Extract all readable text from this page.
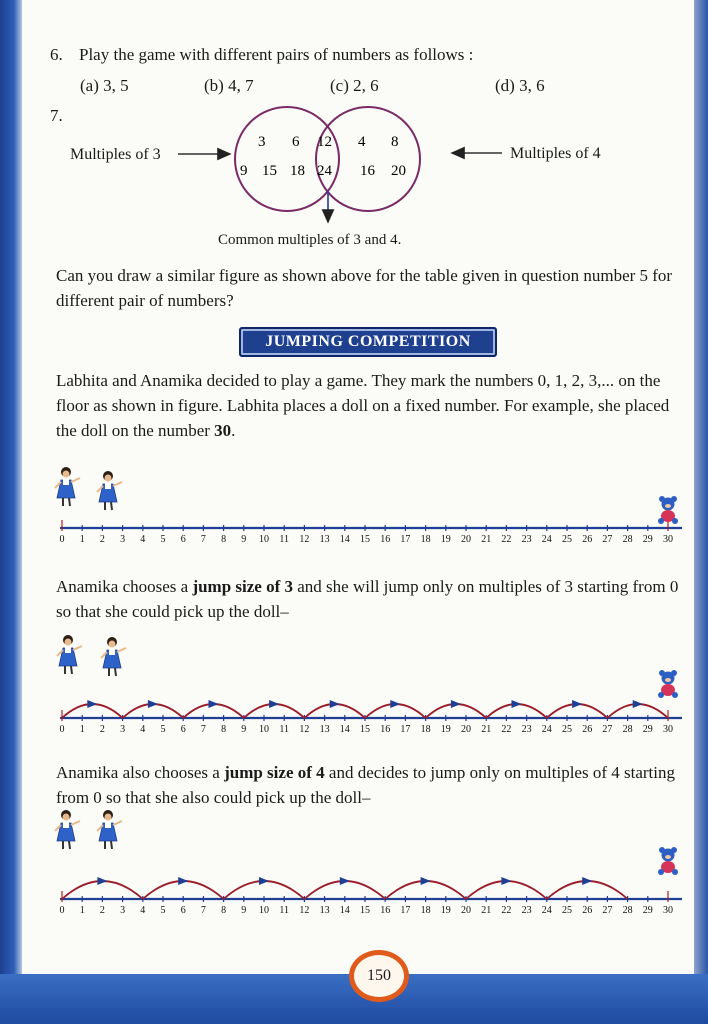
6. Play the game with different pairs of numbers as follows :
(a) 3, 5	(b) 4, 7	(c) 2, 6	(d) 3, 6
7.
Multiples of 3	Multiples of 4
3 6
9 15 18
12
24
4 8
16 20
Common multiples of 3 and 4.
Can you draw a similar figure as shown above for the table given in question number 5 for different pair of numbers?
JUMPING COMPETITION
Labhita and Anamika decided to play a game. They mark the numbers 0, 1, 2, 3,... on the floor as shown in figure. Labhita places a doll on a fixed number. For example, she placed the doll on the number 30.
0 1 2 3 4 5 6 7 8 9 10 11 12 13 14 15 16 17 18 19 20 21 22 23 24 25 26 27 28 29 30
Anamika chooses a jump size of 3 and she will jump only on multiples of 3 starting from 0 so that she could pick up the doll–
0 1 2 3 4 5 6 7 8 9 10 11 12 13 14 15 16 17 18 19 20 21 22 23 24 25 26 27 28 29 30
Anamika also chooses a jump size of 4 and decides to jump only on multiples of 4 starting from 0 so that she also could pick up the doll–
0 1 2 3 4 5 6 7 8 9 10 11 12 13 14 15 16 17 18 19 20 21 22 23 24 25 26 27 28 29 30
150
